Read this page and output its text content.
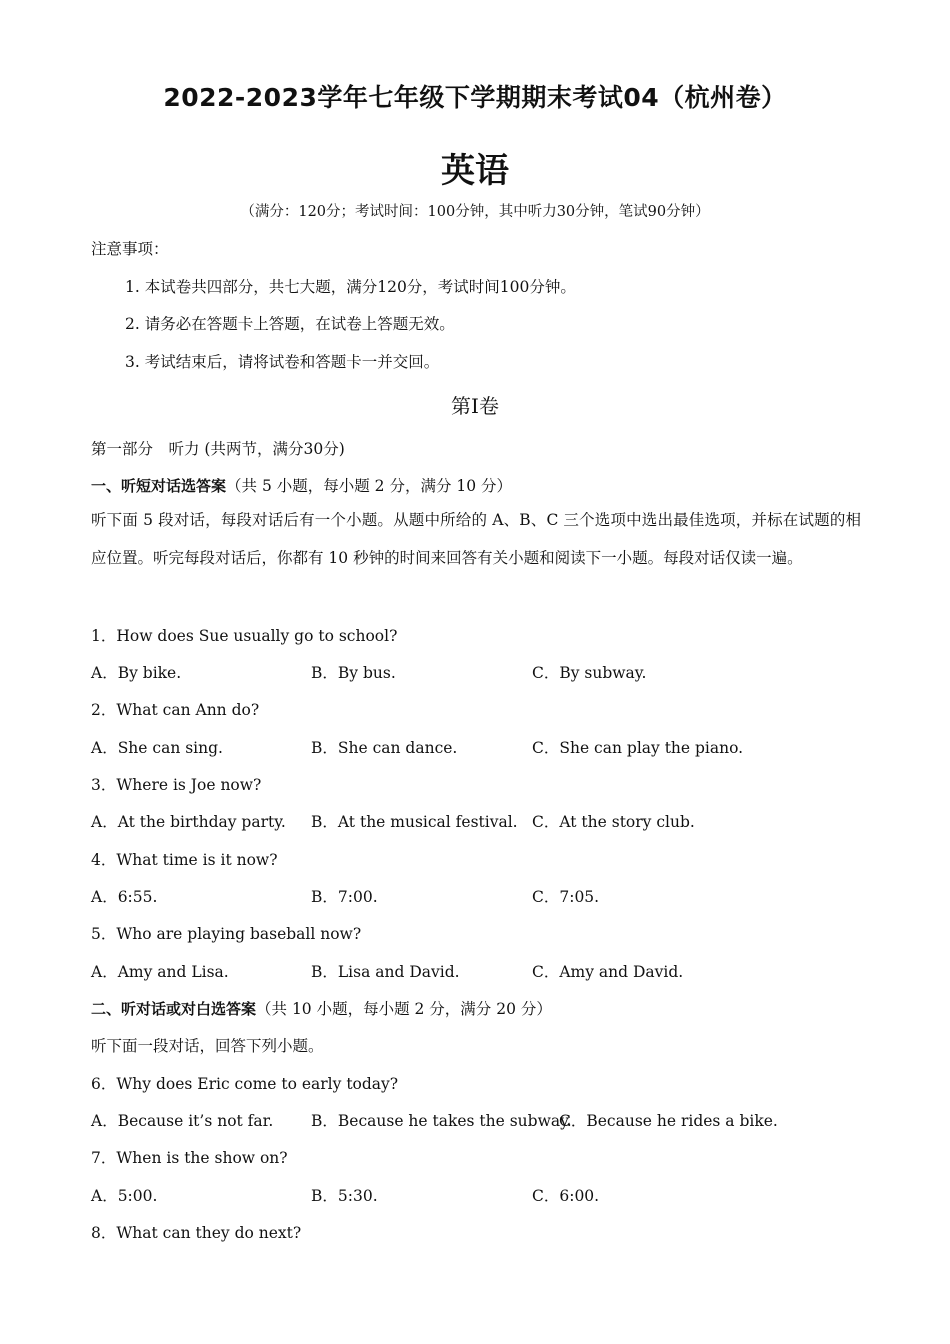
2022-2023学年七年级下学期期末考试04（杭州卷）
英语
（满分：120分；考试时间：100分钟，其中听力30分钟，笔试90分钟）
注意事项：
1. 本试卷共四部分，共七大题，满分120分，考试时间100分钟。
2. 请务必在答题卡上答题，在试卷上答题无效。
3. 考试结束后，请将试卷和答题卡一并交回。
第I卷
第一部分　听力 (共两节，满分30分)
一、听短对话选答案（共 5 小题，每小题 2 分，满分 10 分）
听下面 5 段对话，每段对话后有一个小题。从题中所给的 A、B、C 三个选项中选出最佳选项，并标在试题的相应位置。听完每段对话后，你都有 10 秒钟的时间来回答有关小题和阅读下一小题。每段对话仅读一遍。
1．How does Sue usually go to school?
A．By bike.	B．By bus.	C．By subway.
2．What can Ann do?
A．She can sing.	B．She can dance.	C．She can play the piano.
3．Where is Joe now?
A．At the birthday party. B．At the musical festival. C．At the story club.
4．What time is it now?
A．6:55.	B．7:00.	C．7:05.
5．Who are playing baseball now?
A．Amy and Lisa.	B．Lisa and David.	C．Amy and David.
二、听对话或对白选答案（共 10 小题，每小题 2 分，满分 20 分）
听下面一段对话，回答下列小题。
6．Why does Eric come to early today?
A．Because it’s not far. B．Because he takes the subway.
C．Because he rides a bike.
7．When is the show on?
A．5:00.	B．5:30.	C．6:00.
8．What can they do next?
